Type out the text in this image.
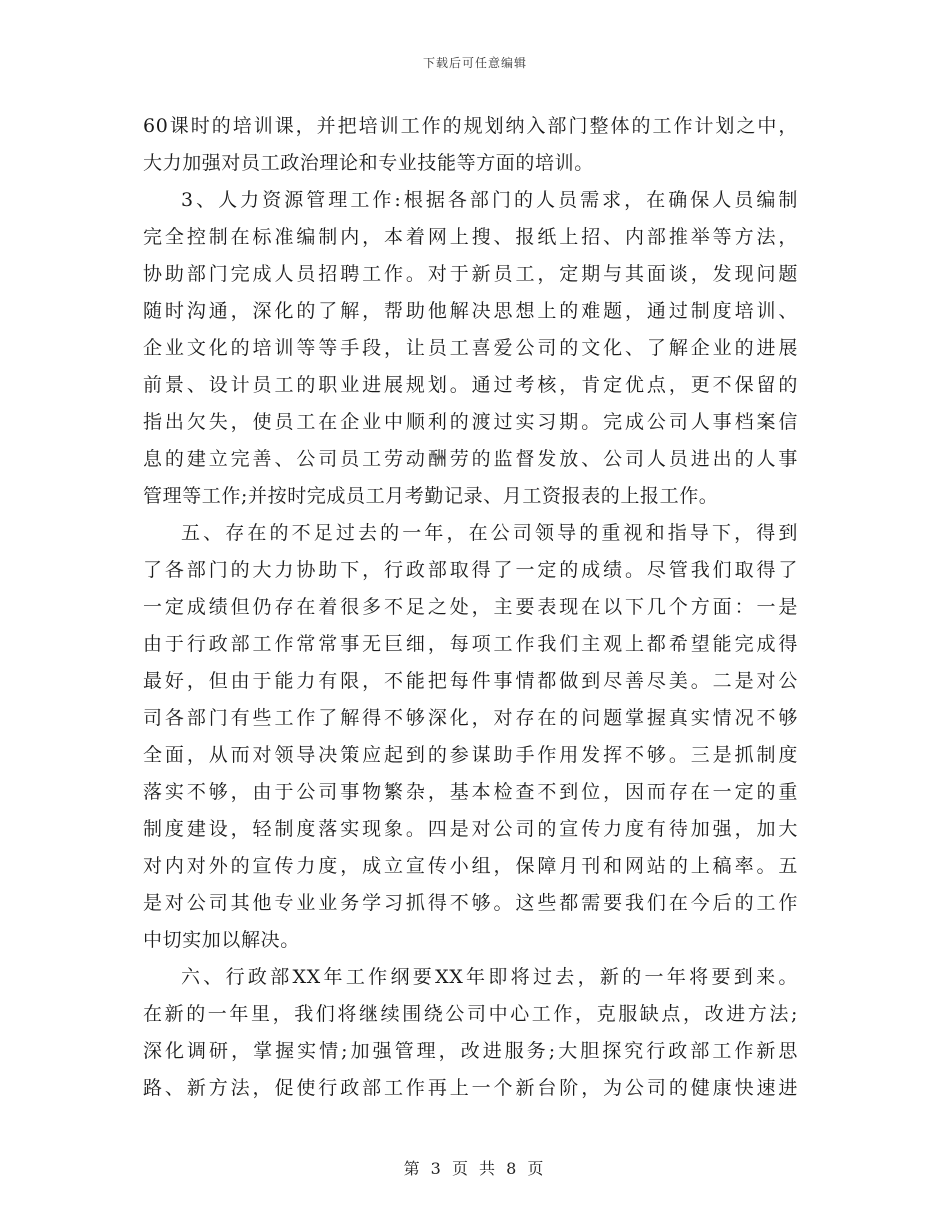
下载后可任意编辑
60课时的培训课，并把培训工作的规划纳入部门整体的工作计划之中，
大力加强对员工政治理论和专业技能等方面的培训。
3、人力资源管理工作:根据各部门的人员需求，在确保人员编制
完全控制在标准编制内，本着网上搜、报纸上招、内部推举等方法，
协助部门完成人员招聘工作。对于新员工，定期与其面谈，发现问题
随时沟通，深化的了解，帮助他解决思想上的难题，通过制度培训、
企业文化的培训等等手段，让员工喜爱公司的文化、了解企业的进展
前景、设计员工的职业进展规划。通过考核，肯定优点，更不保留的
指出欠失，使员工在企业中顺利的渡过实习期。完成公司人事档案信
息的建立完善、公司员工劳动酬劳的监督发放、公司人员进出的人事
管理等工作;并按时完成员工月考勤记录、月工资报表的上报工作。
五、存在的不足过去的一年，在公司领导的重视和指导下，得到
了各部门的大力协助下，行政部取得了一定的成绩。尽管我们取得了
一定成绩但仍存在着很多不足之处，主要表现在以下几个方面：一是
由于行政部工作常常事无巨细，每项工作我们主观上都希望能完成得
最好，但由于能力有限，不能把每件事情都做到尽善尽美。二是对公
司各部门有些工作了解得不够深化，对存在的问题掌握真实情况不够
全面，从而对领导决策应起到的参谋助手作用发挥不够。三是抓制度
落实不够，由于公司事物繁杂，基本检查不到位，因而存在一定的重
制度建设，轻制度落实现象。四是对公司的宣传力度有待加强，加大
对内对外的宣传力度，成立宣传小组，保障月刊和网站的上稿率。五
是对公司其他专业业务学习抓得不够。这些都需要我们在今后的工作
中切实加以解决。
六、行政部XX年工作纲要XX年即将过去，新的一年将要到来。
在新的一年里，我们将继续围绕公司中心工作，克服缺点，改进方法;
深化调研，掌握实情;加强管理，改进服务;大胆探究行政部工作新思
路、新方法，促使行政部工作再上一个新台阶，为公司的健康快速进
第 3 页 共 8 页
